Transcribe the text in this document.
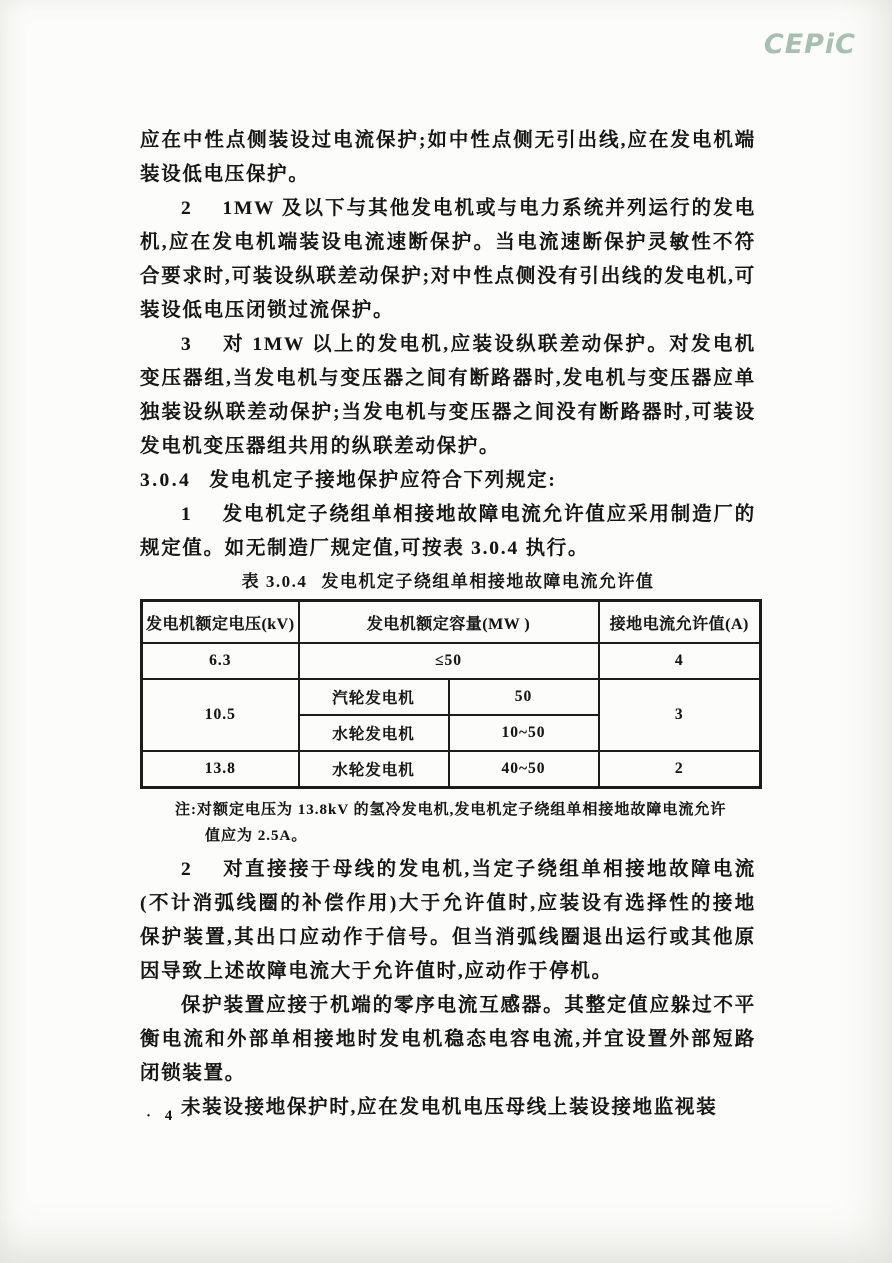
CEPiC

应在中性点侧装设过电流保护;如中性点侧无引出线,应在发电机端装设低电压保护。

2 1MW 及以下与其他发电机或与电力系统并列运行的发电机,应在发电机端装设电流速断保护。当电流速断保护灵敏性不符合要求时,可装设纵联差动保护;对中性点侧没有引出线的发电机,可装设低电压闭锁过流保护。

3 对 1MW 以上的发电机,应装设纵联差动保护。对发电机变压器组,当发电机与变压器之间有断路器时,发电机与变压器应单独装设纵联差动保护;当发电机与变压器之间没有断路器时,可装设发电机变压器组共用的纵联差动保护。

3.0.4 发电机定子接地保护应符合下列规定:

1 发电机定子绕组单相接地故障电流允许值应采用制造厂的规定值。如无制造厂规定值,可按表 3.0.4 执行。

表 3.0.4 发电机定子绕组单相接地故障电流允许值
发电机额定电压(kV)	发电机额定容量(MW )		接地电流允许值(A)
6.3	≤50		4
10.5	汽轮发电机	50	3
	水轮发电机	10~50	
13.8	水轮发电机	40~50	2
注:对额定电压为 13.8kV 的氢冷发电机,发电机定子绕组单相接地故障电流允许
值应为 2.5A。

2 对直接接于母线的发电机,当定子绕组单相接地故障电流(不计消弧线圈的补偿作用)大于允许值时,应装设有选择性的接地保护装置,其出口应动作于信号。但当消弧线圈退出运行或其他原因导致上述故障电流大于允许值时,应动作于停机。

保护装置应接于机端的零序电流互感器。其整定值应躲过不平衡电流和外部单相接地时发电机稳态电容电流,并宜设置外部短路闭锁装置。

未装设接地保护时,应在发电机电压母线上装设接地监视装

· 4 ·
